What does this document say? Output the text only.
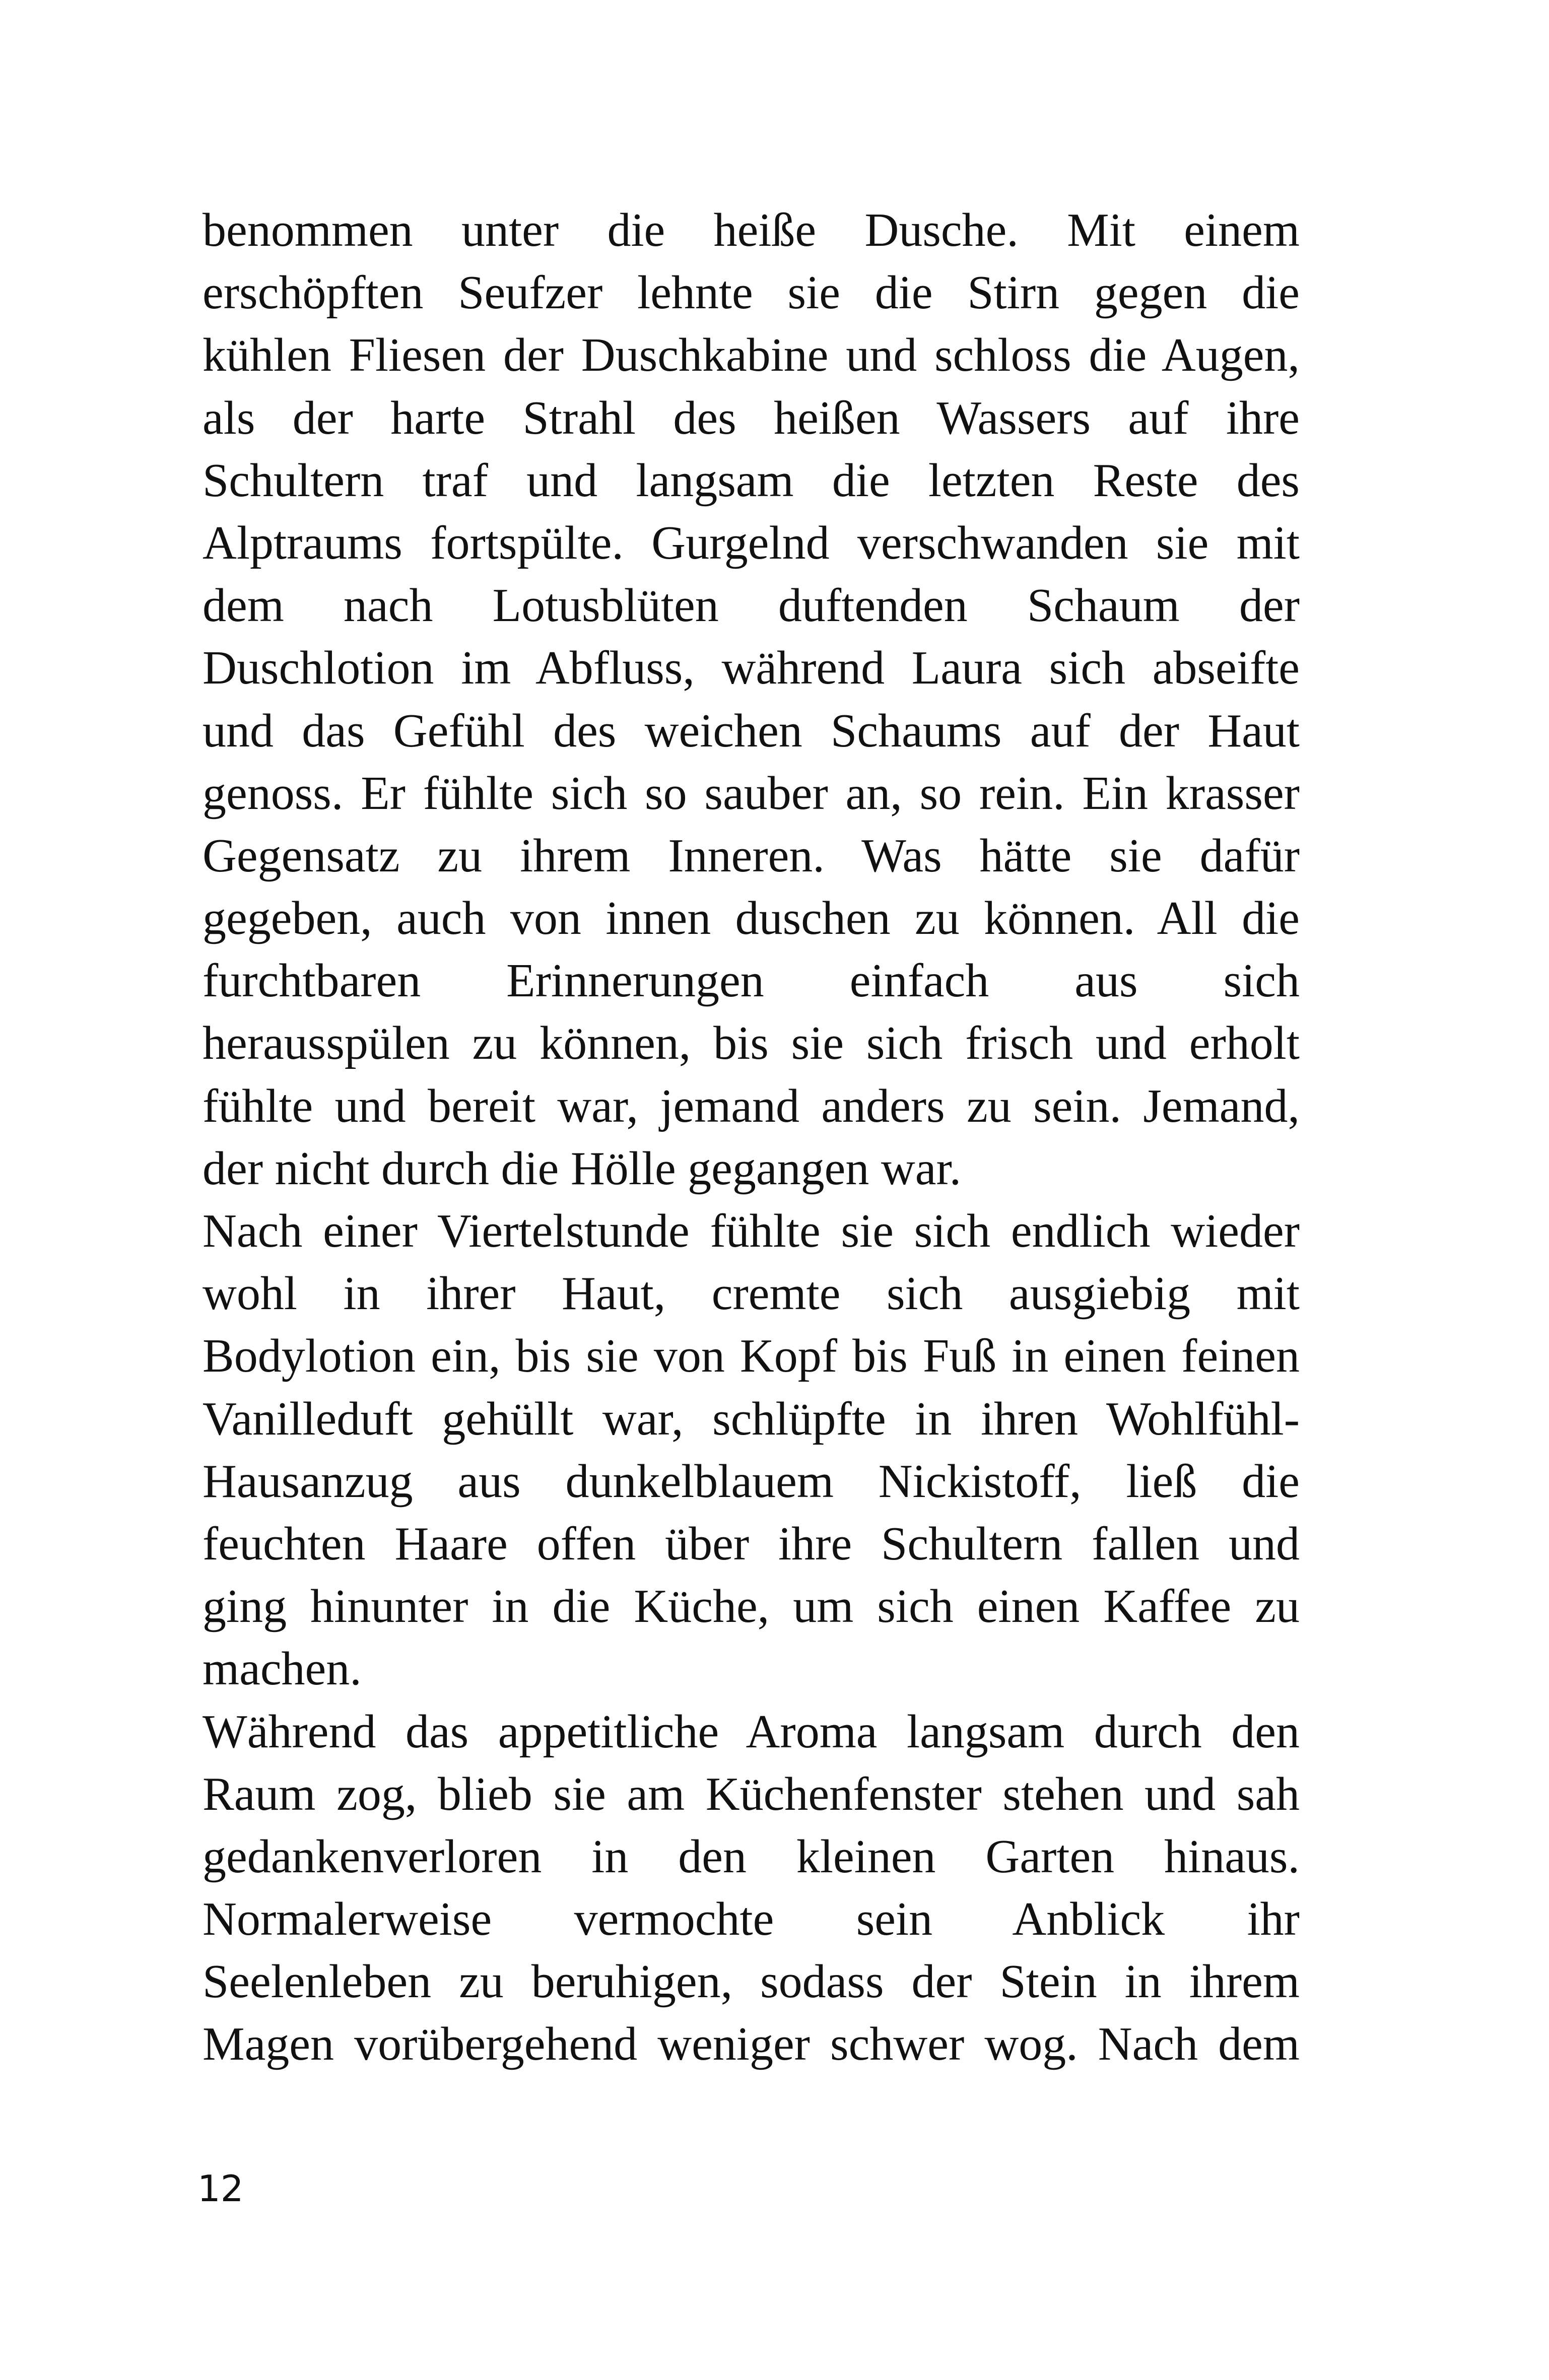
benommen unter die heiße Dusche. Mit einem
erschöpften Seufzer lehnte sie die Stirn gegen die
kühlen Fliesen der Duschkabine und schloss die Augen,
als der harte Strahl des heißen Wassers auf ihre
Schultern traf und langsam die letzten Reste des
Alptraums fortspülte. Gurgelnd verschwanden sie mit
dem nach Lotusblüten duftenden Schaum der
Duschlotion im Abfluss, während Laura sich abseifte
und das Gefühl des weichen Schaums auf der Haut
genoss. Er fühlte sich so sauber an, so rein. Ein krasser
Gegensatz zu ihrem Inneren. Was hätte sie dafür
gegeben, auch von innen duschen zu können. All die
furchtbaren Erinnerungen einfach aus sich
herausspülen zu können, bis sie sich frisch und erholt
fühlte und bereit war, jemand anders zu sein. Jemand,
der nicht durch die Hölle gegangen war.
Nach einer Viertelstunde fühlte sie sich endlich wieder
wohl in ihrer Haut, cremte sich ausgiebig mit
Bodylotion ein, bis sie von Kopf bis Fuß in einen feinen
Vanilleduft gehüllt war, schlüpfte in ihren Wohlfühl-
Hausanzug aus dunkelblauem Nickistoff, ließ die
feuchten Haare offen über ihre Schultern fallen und
ging hinunter in die Küche, um sich einen Kaffee zu
machen.
Während das appetitliche Aroma langsam durch den
Raum zog, blieb sie am Küchenfenster stehen und sah
gedankenverloren in den kleinen Garten hinaus.
Normalerweise vermochte sein Anblick ihr
Seelenleben zu beruhigen, sodass der Stein in ihrem
Magen vorübergehend weniger schwer wog. Nach dem
12
